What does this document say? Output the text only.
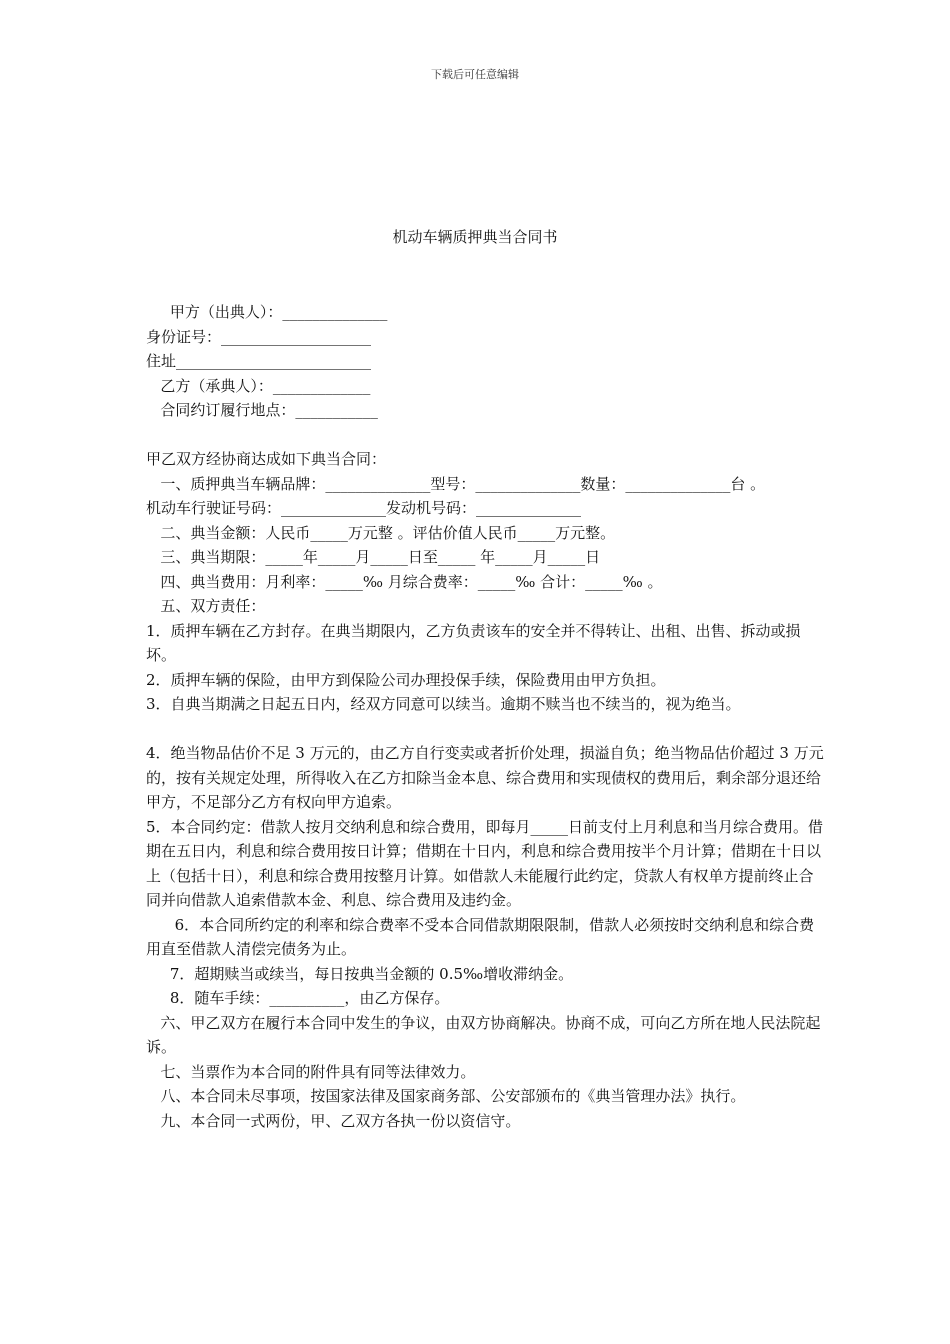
下载后可任意编辑
机动车辆质押典当合同书

甲方（出典人）：______________

身份证号：____________________

住址__________________________

乙方（承典人）：_____________

合同约订履行地点：___________

甲乙双方经协商达成如下典当合同：

一、质押典当车辆品牌：______________型号：______________数量：______________台 。

机动车行驶证号码：______________发动机号码：______________

二、典当金额：人民币_____万元整 。评估价值人民币_____万元整。

三、典当期限：_____年_____月_____日至_____ 年_____月_____日

四、典当费用：月利率：_____‰ 月综合费率：_____‰ 合计：_____‰ 。

五、双方责任：

1．质押车辆在乙方封存。在典当期限内，乙方负责该车的安全并不得转让、出租、出售、拆动或损坏。

2．质押车辆的保险，由甲方到保险公司办理投保手续，保险费用由甲方负担。

3．自典当期满之日起五日内，经双方同意可以续当。逾期不赎当也不续当的，视为绝当。

4．绝当物品估价不足 3 万元的，由乙方自行变卖或者折价处理，损溢自负；绝当物品估价超过 3 万元的，按有关规定处理，所得收入在乙方扣除当金本息、综合费用和实现债权的费用后，剩余部分退还给甲方，不足部分乙方有权向甲方追索。

5．本合同约定：借款人按月交纳利息和综合费用，即每月_____日前支付上月利息和当月综合费用。借期在五日内，利息和综合费用按日计算；借期在十日内，利息和综合费用按半个月计算；借期在十日以上（包括十日），利息和综合费用按整月计算。如借款人未能履行此约定，贷款人有权单方提前终止合同并向借款人追索借款本金、利息、综合费用及违约金。

6．本合同所约定的利率和综合费率不受本合同借款期限限制，借款人必须按时交纳利息和综合费用直至借款人清偿完债务为止。

7．超期赎当或续当，每日按典当金额的 0.5‰增收滞纳金。

8．随车手续：__________，由乙方保存。

六、甲乙双方在履行本合同中发生的争议，由双方协商解决。协商不成，可向乙方所在地人民法院起诉。

七、当票作为本合同的附件具有同等法律效力。

八、本合同未尽事项，按国家法律及国家商务部、公安部颁布的《典当管理办法》执行。

九、本合同一式两份，甲、乙双方各执一份以资信守。
